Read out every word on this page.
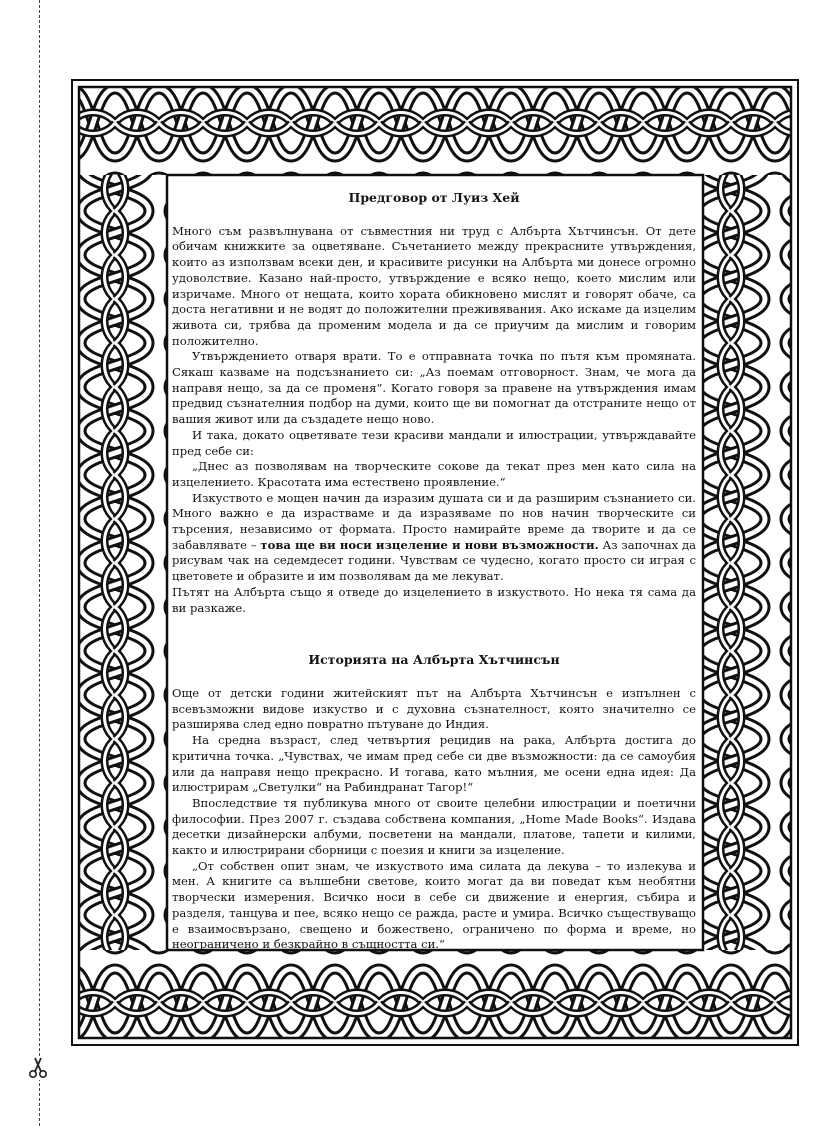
Предговор от Луиз Хей

Много съм развълнувана от съвместния ни труд с Албърта Хътчинсън. От дете обичам книжките за оцветяване. Съчетанието между прекрасните утвърждения, които аз използвам всеки ден, и красивите рисунки на Албърта ми донесе огромно удоволствие. Казано най-просто, утвърждение е всяко нещо, което мислим или изричаме. Много от нещата, които хората обикновено мислят и говорят обаче, са доста негативни и не водят до положителни преживявания. Ако искаме да изцелим живота си, трябва да променим модела и да се приучим да мислим и говорим положително.

Утвърждението отваря врати. То е отправната точка по пътя към промяната. Сякаш казваме на подсъзнанието си: „Аз поемам отговорност. Знам, че мога да направя нещо, за да се променя“. Когато говоря за правене на утвърждения имам предвид съзнателния подбор на думи, които ще ви помогнат да отстраните нещо от вашия живот или да създадете нещо ново.

И така, докато оцветявате тези красиви мандали и илюстрации, утвърждавайте пред себе си:

„Днес аз позволявам на творческите сокове да текат през мен като сила на изцелението. Красотата има естествено проявление.“

Изкуството е мощен начин да изразим душата си и да разширим съзнанието си. Много важно е да израстваме и да изразяваме по нов начин творческите си търсения, независимо от формата. Просто намирайте време да творите и да се забавлявате – това ще ви носи изцеление и нови възможности. Аз започнах да рисувам чак на седемдесет години. Чувствам се чудесно, когато просто си играя с цветовете и образите и им позволявам да ме лекуват.

Пътят на Албърта също я отведе до изцелението в изкуството. Но нека тя сама да ви разкаже.

Историята на Албърта Хътчинсън

Още от детски години житейският път на Албърта Хътчинсън е изпълнен с всевъзможни видове изкуство и с духовна съзнателност, която значително се разширява след едно повратно пътуване до Индия.

На средна възраст, след четвъртия рецидив на рака, Албърта достига до критична точка. „Чувствах, че имам пред себе си две възможности: да се самоубия или да направя нещо прекрасно. И тогава, като мълния, ме осени една идея: Да илюстрирам „Светулки“ на Рабиндранат Тагор!“

Впоследствие тя публикува много от своите целебни илюстрации и поетични философии. През 2007 г. създава собствена компания, „Home Made Books“. Издава десетки дизайнерски албуми, посветени на мандали, платове, тапети и килими, както и илюстрирани сборници с поезия и книги за изцеление.

„От собствен опит знам, че изкуството има силата да лекува – то излекува и мен. А книгите са вълшебни светове, които могат да ви поведат към необятни творчески измерения. Всичко носи в себе си движение и енергия, събира и разделя, танцува и пее, всяко нещо се ражда, расте и умира. Всичко съществуващо е взаимосвързано, свещено и божествено, ограничено по форма и време, но неограничено и безкрайно в същността си.“
